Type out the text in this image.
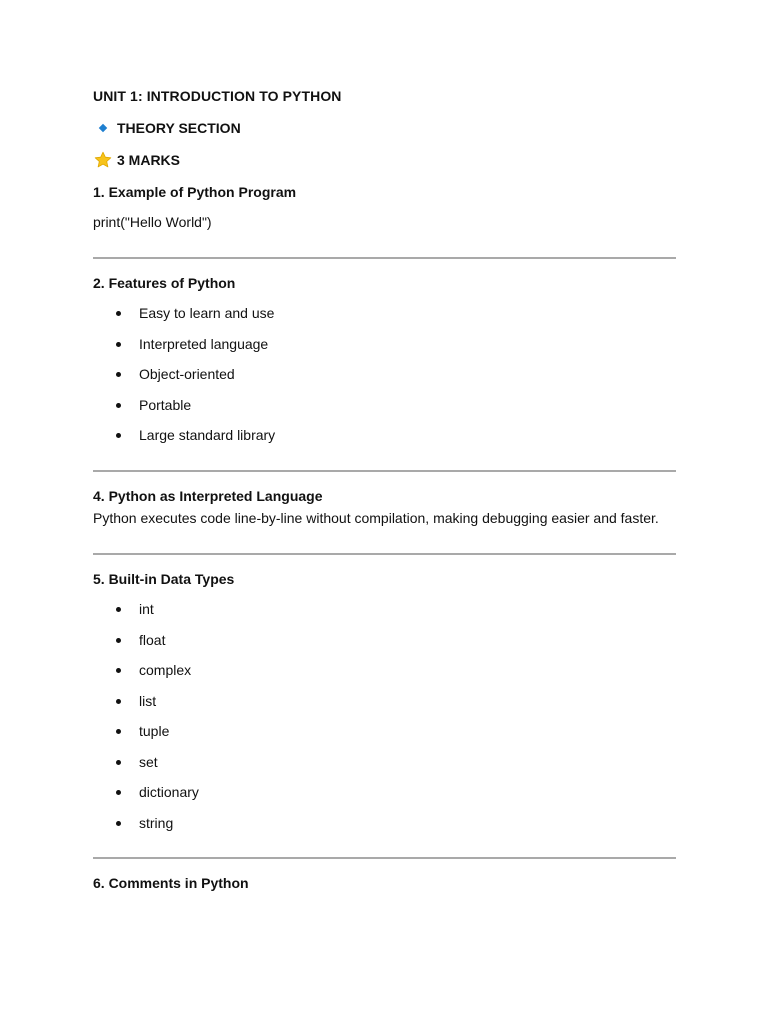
UNIT 1: INTRODUCTION TO PYTHON
THEORY SECTION
3 MARKS
1. Example of Python Program
print("Hello World")
2. Features of Python
Easy to learn and use
Interpreted language
Object-oriented
Portable
Large standard library
4. Python as Interpreted Language
Python executes code line-by-line without compilation, making debugging easier and faster.
5. Built-in Data Types
int
float
complex
list
tuple
set
dictionary
string
6. Comments in Python
